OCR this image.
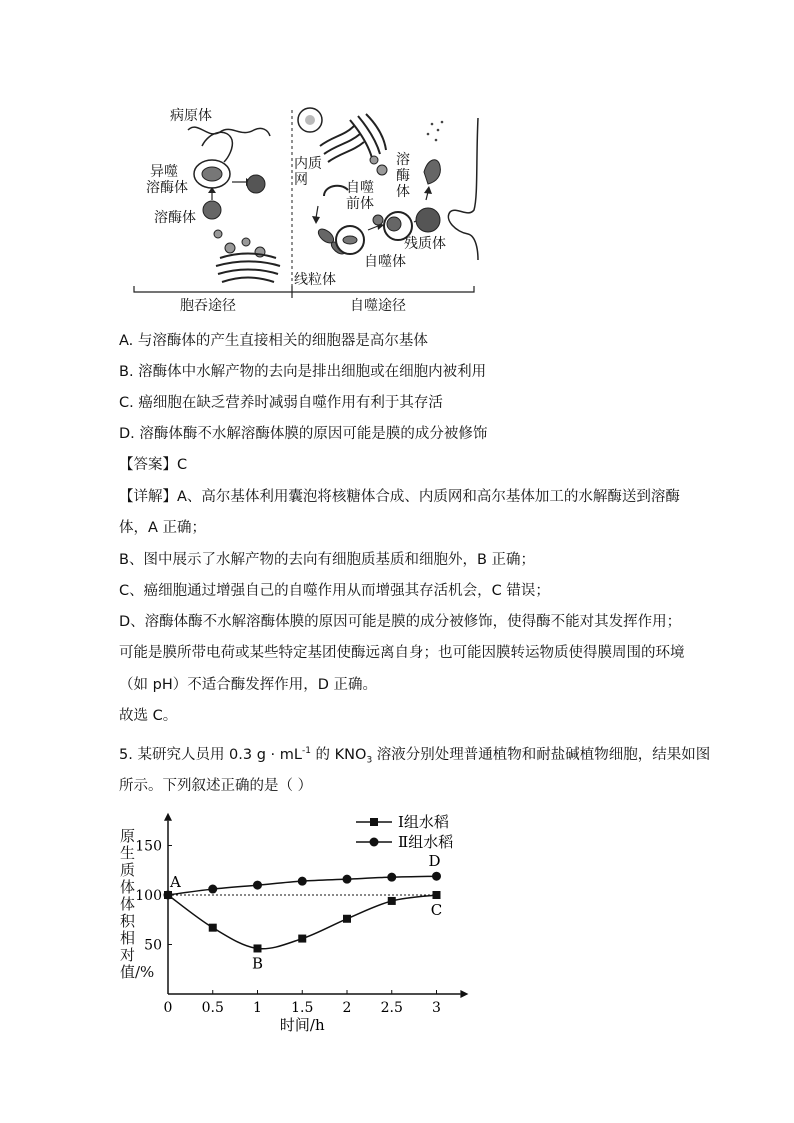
病原体
异噬
溶酶体
溶酶体
内质网	自噬前体
溶酶体
残质体
自噬体
线粒体
胞吞途径	自噬途径
A. 与溶酶体的产生直接相关的细胞器是高尔基体
B. 溶酶体中水解产物的去向是排出细胞或在细胞内被利用
C. 癌细胞在缺乏营养时减弱自噬作用有利于其存活
D. 溶酶体酶不水解溶酶体膜的原因可能是膜的成分被修饰
【答案】C
【详解】A、高尔基体利用囊泡将核糖体合成、内质网和高尔基体加工的水解酶送到溶酶
体，A 正确；
B、图中展示了水解产物的去向有细胞质基质和细胞外，B 正确；
C、癌细胞通过增强自己的自噬作用从而增强其存活机会，C 错误；
D、溶酶体酶不水解溶酶体膜的原因可能是膜的成分被修饰，使得酶不能对其发挥作用；
可能是膜所带电荷或某些特定基团使酶远离自身；也可能因膜转运物质使得膜周围的环境
（如 pH）不适合酶发挥作用，D 正确。
故选 C。
5. 某研究人员用 0.3 $g \cdot mL^{-1}$ 的 $KNO_3$ 溶液分别处理普通植物和耐盐碱植物细胞，结果如图
所示。下列叙述正确的是（ ）
原生质体体积相对值/%
0 0.5 1 1.5 2 2.5 3
50
100
150
A
B
C
D
Ⅰ组水稻
Ⅱ组水稻
时间/h
